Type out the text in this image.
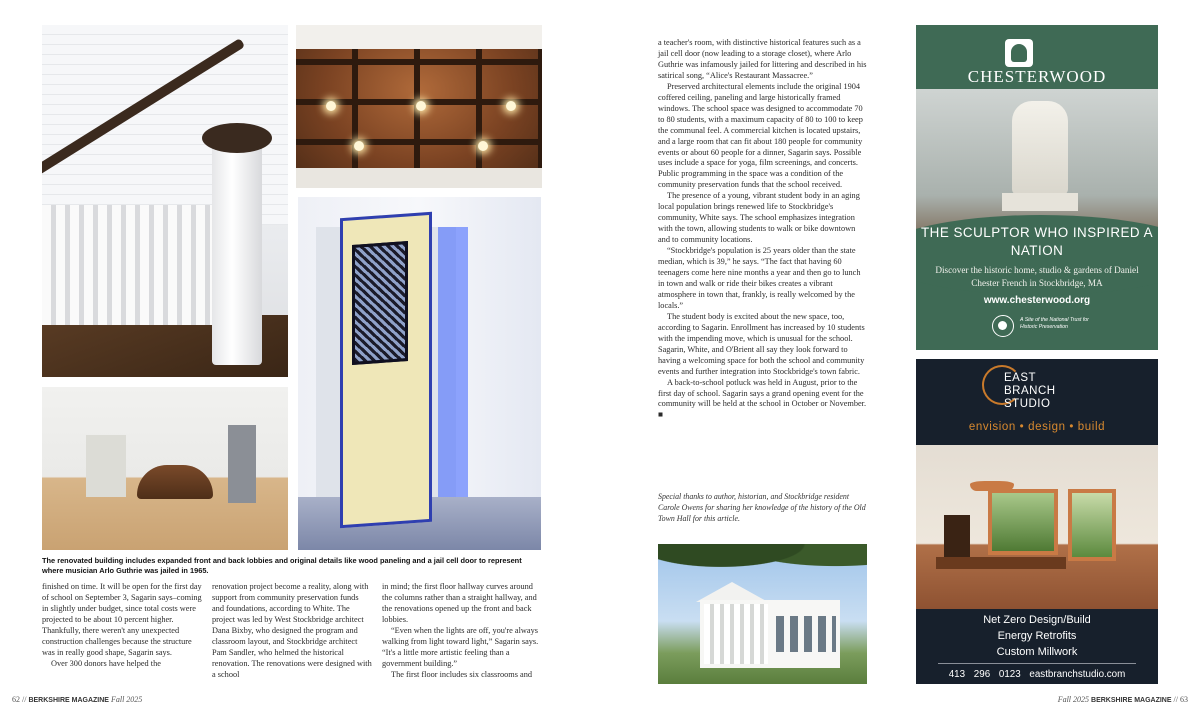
The renovated building includes expanded front and back lobbies and original details like wood paneling and a jail cell door to represent where musician Arlo Guthrie was jailed in 1965.

finished on time. It will be open for the first day of school on September 3, Sagarin says–coming in slightly under budget, since total costs were projected to be about 10 percent higher. Thankfully, there weren't any unexpected construction challenges because the structure was in really good shape, Sagarin says.

Over 300 donors have helped the

renovation project become a reality, along with support from community preservation funds and foundations, according to White. The project was led by West Stockbridge architect Dana Bixby, who designed the program and classroom layout, and Stockbridge architect Pam Sandler, who helmed the historical renovation. The renovations were designed with a school

in mind; the first floor hallway curves around the columns rather than a straight hallway, and the renovations opened up the front and back lobbies.

“Even when the lights are off, you're always walking from light toward light,” Sagarin says. “It's a little more artistic feeling than a government building.”

The first floor includes six classrooms and

a teacher's room, with distinctive historical features such as a jail cell door (now leading to a storage closet), where Arlo Guthrie was infamously jailed for littering and described in his satirical song, “Alice's Restaurant Massacree.”

Preserved architectural elements include the original 1904 coffered ceiling, paneling and large historically framed windows. The school space was designed to accommodate 70 to 80 students, with a maximum capacity of 80 to 100 to keep the communal feel. A commercial kitchen is located upstairs, and a large room that can fit about 180 people for community events or about 60 people for a dinner, Sagarin says. Possible uses include a space for yoga, film screenings, and concerts. Public programming in the space was a condition of the community preservation funds that the school received.

The presence of a young, vibrant student body in an aging local population brings renewed life to Stockbridge's community, White says. The school emphasizes integration with the town, allowing students to walk or bike downtown and to community locations.

“Stockbridge's population is 25 years older than the state median, which is 39,” he says. “The fact that having 60 teenagers come here nine months a year and then go to lunch in town and walk or ride their bikes creates a vibrant atmosphere in town that, frankly, is really welcomed by the locals.”

The student body is excited about the new space, too, according to Sagarin. Enrollment has increased by 10 students with the impending move, which is unusual for the school. Sagarin, White, and O'Brient all say they look forward to having a welcoming space for both the school and community events and further integration into Stockbridge's town fabric.

A back-to-school potluck was held in August, prior to the first day of school. Sagarin says a grand opening event for the community will be held at the school in October or November. ■

Special thanks to author, historian, and Stockbridge resident Carole Owens for sharing her knowledge of the history of the Old Town Hall for this article.
CHESTERWOOD
THE SCULPTOR WHO INSPIRED A NATION
Discover the historic home, studio & gardens of Daniel Chester French in Stockbridge, MA
www.chesterwood.org
A Site of the National Trust for Historic Preservation
EAST
BRANCH
STUDIO
envision • design • build
Net Zero Design/Build
Energy Retrofits
Custom Millwork
413 296 0123 eastbranchstudio.com
62 // BERKSHIRE MAGAZINE Fall 2025	Fall 2025 BERKSHIRE MAGAZINE // 63
